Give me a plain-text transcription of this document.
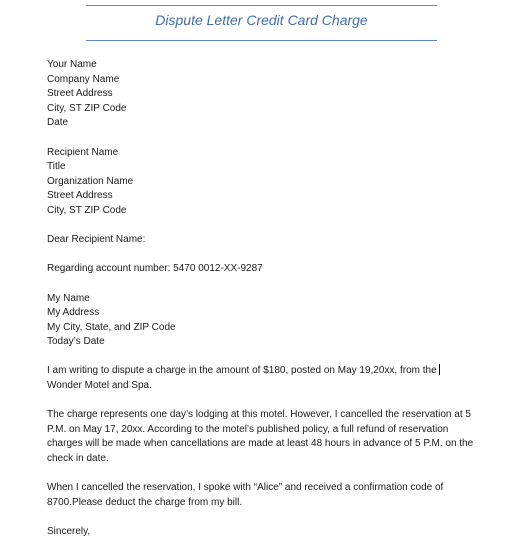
Dispute Letter Credit Card Charge
Your Name
Company Name
Street Address
City, ST ZIP Code
Date
Recipient Name
Title
Organization Name
Street Address
City, ST ZIP Code
Dear Recipient Name:
Regarding account number: 5470 0012-XX-9287
My Name
My Address
My City, State, and ZIP Code
Today’s Date
I am writing to dispute a charge in the amount of $180, posted on May 19,20xx, from the
Wonder Motel and Spa.
The charge represents one day’s lodging at this motel. However, I cancelled the reservation at 5
P.M. on May 17, 20xx. According to the motel’s published policy, a full refund of reservation
charges will be made when cancellations are made at least 48 hours in advance of 5 P.M. on the
check in date.
When I cancelled the reservation, I spoke with “Alice” and received a confirmation code of
8700.Please deduct the charge from my bill.
Sincerely,
